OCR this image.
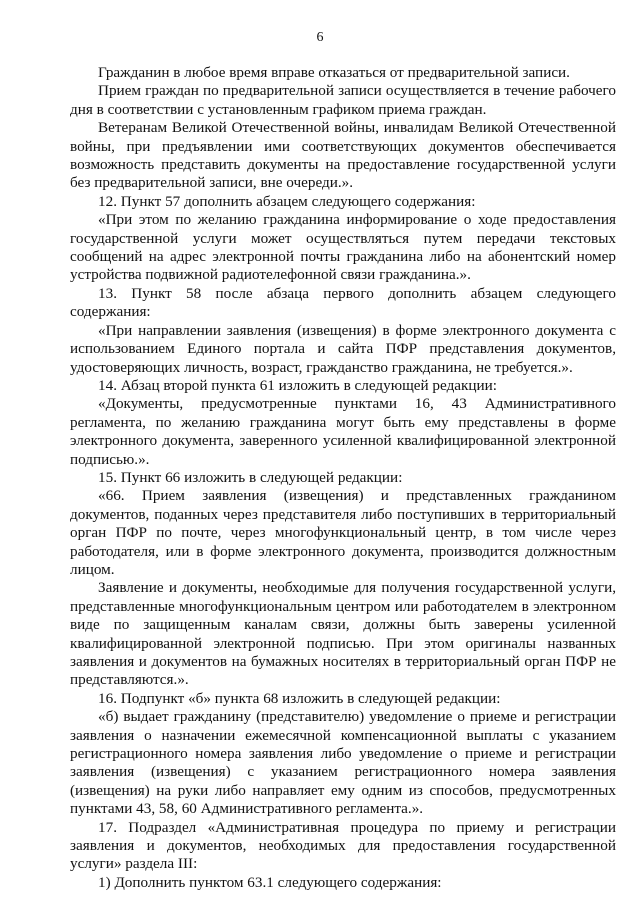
6

Гражданин в любое время вправе отказаться от предварительной записи.

Прием граждан по предварительной записи осуществляется в течение рабочего дня в соответствии с установленным графиком приема граждан.

Ветеранам Великой Отечественной войны, инвалидам Великой Отечественной войны, при предъявлении ими соответствующих документов обеспечивается возможность представить документы на предоставление государственной услуги без предварительной записи, вне очереди.».

12. Пункт 57 дополнить абзацем следующего содержания:

«При этом по желанию гражданина информирование о ходе предоставления государственной услуги может осуществляться путем передачи текстовых сообщений на адрес электронной почты гражданина либо на абонентский номер устройства подвижной радиотелефонной связи гражданина.».

13. Пункт 58 после абзаца первого дополнить абзацем следующего содержания:

«При направлении заявления (извещения) в форме электронного документа с использованием Единого портала и сайта ПФР представления документов, удостоверяющих личность, возраст, гражданство гражданина, не требуется.».

14. Абзац второй пункта 61 изложить в следующей редакции:

«Документы, предусмотренные пунктами 16, 43 Административного регламента, по желанию гражданина могут быть ему представлены в форме электронного документа, заверенного усиленной квалифицированной электронной подписью.».

15. Пункт 66 изложить в следующей редакции:

«66. Прием заявления (извещения) и представленных гражданином документов, поданных через представителя либо поступивших в территориальный орган ПФР по почте, через многофункциональный центр, в том числе через работодателя, или в форме электронного документа, производится должностным лицом.

Заявление и документы, необходимые для получения государственной услуги, представленные многофункциональным центром или работодателем в электронном виде по защищенным каналам связи, должны быть заверены усиленной квалифицированной электронной подписью. При этом оригиналы названных заявления и документов на бумажных носителях в территориальный орган ПФР не представляются.».

16. Подпункт «б» пункта 68 изложить в следующей редакции:

«б) выдает гражданину (представителю) уведомление о приеме и регистрации заявления о назначении ежемесячной компенсационной выплаты с указанием регистрационного номера заявления либо уведомление о приеме и регистрации заявления (извещения) с указанием регистрационного номера заявления (извещения) на руки либо направляет ему одним из способов, предусмотренных пунктами 43, 58, 60 Административного регламента.».

17. Подраздел «Административная процедура по приему и регистрации заявления и документов, необходимых для предоставления государственной услуги» раздела III:

1) Дополнить пунктом 63.1 следующего содержания:
